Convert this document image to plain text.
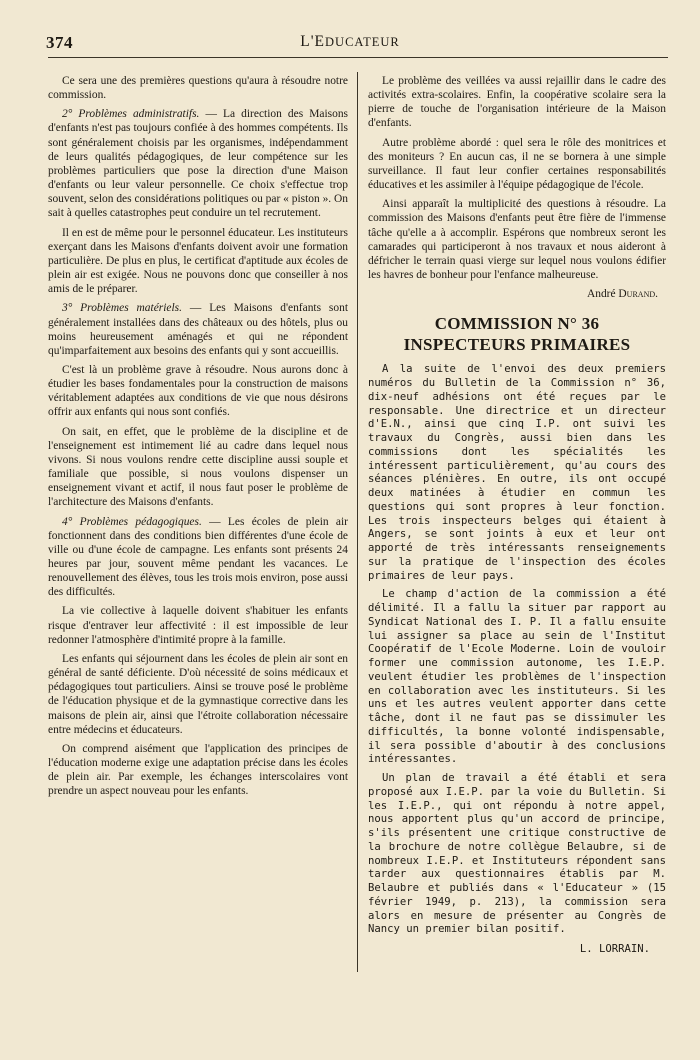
374	L'EDUCATEUR

Ce sera une des premières questions qu'aura à résoudre notre commission.

2° Problèmes administratifs. — La direction des Maisons d'enfants n'est pas toujours confiée à des hommes compétents. Ils sont généralement choisis par les organismes, indépendamment de leurs qualités pédagogiques, de leur compétence sur les problèmes particuliers que pose la direction d'une Maison d'enfants ou leur valeur personnelle. Ce choix s'effectue trop souvent, selon des considérations politiques ou par « piston ». On sait à quelles catastrophes peut conduire un tel recrutement.

Il en est de même pour le personnel éducateur. Les instituteurs exerçant dans les Maisons d'enfants doivent avoir une formation particulière. De plus en plus, le certificat d'aptitude aux écoles de plein air est exigée. Nous ne pouvons donc que conseiller à nos amis de le préparer.

3° Problèmes matériels. — Les Maisons d'enfants sont généralement installées dans des châteaux ou des hôtels, plus ou moins heureusement aménagés et qui ne répondent qu'imparfaitement aux besoins des enfants qui y sont accueillis.

C'est là un problème grave à résoudre. Nous aurons donc à étudier les bases fondamentales pour la construction de maisons véritablement adaptées aux conditions de vie que nous désirons offrir aux enfants qui nous sont confiés.

On sait, en effet, que le problème de la discipline et de l'enseignement est intimement lié au cadre dans lequel nous vivons. Si nous voulons rendre cette discipline aussi souple et familiale que possible, si nous voulons dispenser un enseignement vivant et actif, il nous faut poser le problème de l'architecture des Maisons d'enfants.

4° Problèmes pédagogiques. — Les écoles de plein air fonctionnent dans des conditions bien différentes d'une école de ville ou d'une école de campagne. Les enfants sont présents 24 heures par jour, souvent même pendant les vacances. Le renouvellement des élèves, tous les trois mois environ, pose aussi des difficultés.

La vie collective à laquelle doivent s'habituer les enfants risque d'entraver leur affectivité : il est impossible de leur redonner l'atmosphère d'intimité propre à la famille.

Les enfants qui séjournent dans les écoles de plein air sont en général de santé déficiente. D'où nécessité de soins médicaux et pédagogiques tout particuliers. Ainsi se trouve posé le problème de l'éducation physique et de la gymnastique corrective dans les maisons de plein air, ainsi que l'étroite collaboration nécessaire entre médecins et éducateurs.

On comprend aisément que l'application des principes de l'éducation moderne exige une adaptation précise dans les écoles de plein air. Par exemple, les échanges interscolaires vont prendre un aspect nouveau pour les enfants.

Le problème des veillées va aussi rejaillir dans le cadre des activités extra-scolaires. Enfin, la coopérative scolaire sera la pierre de touche de l'organisation intérieure de la Maison d'enfants.

Autre problème abordé : quel sera le rôle des monitrices et des moniteurs ? En aucun cas, il ne se bornera à une simple surveillance. Il faut leur confier certaines responsabilités éducatives et les assimiler à l'équipe pédagogique de l'école.

Ainsi apparaît la multiplicité des questions à résoudre. La commission des Maisons d'enfants peut être fière de l'immense tâche qu'elle a à accomplir. Espérons que nombreux seront les camarades qui participeront à nos travaux et nous aideront à défricher le terrain quasi vierge sur lequel nous voulons édifier les havres de bonheur pour l'enfance malheureuse.

André Durand.

COMMISSION N° 36
INSPECTEURS PRIMAIRES

A la suite de l'envoi des deux premiers numéros du Bulletin de la Commission n° 36, dix-neuf adhésions ont été reçues par le responsable. Une directrice et un directeur d'E.N., ainsi que cinq I.P. ont suivi les travaux du Congrès, aussi bien dans les commissions dont les spécialités les intéressent particulièrement, qu'au cours des séances plénières. En outre, ils ont occupé deux matinées à étudier en commun les questions qui sont propres à leur fonction. Les trois inspecteurs belges qui étaient à Angers, se sont joints à eux et leur ont apporté de très intéressants renseignements sur la pratique de l'inspection des écoles primaires de leur pays.

Le champ d'action de la commission a été délimité. Il a fallu la situer par rapport au Syndicat National des I. P. Il a fallu ensuite lui assigner sa place au sein de l'Institut Coopératif de l'Ecole Moderne. Loin de vouloir former une commission autonome, les I.E.P. veulent étudier les problèmes de l'inspection en collaboration avec les instituteurs. Si les uns et les autres veulent apporter dans cette tâche, dont il ne faut pas se dissimuler les difficultés, la bonne volonté indispensable, il sera possible d'aboutir à des conclusions intéressantes.

Un plan de travail a été établi et sera proposé aux I.E.P. par la voie du Bulletin. Si les I.E.P., qui ont répondu à notre appel, nous apportent plus qu'un accord de principe, s'ils présentent une critique constructive de la brochure de notre collègue Belaubre, si de nombreux I.E.P. et Instituteurs répondent sans tarder aux questionnaires établis par M. Belaubre et publiés dans « l'Educateur » (15 février 1949, p. 213), la commission sera alors en mesure de présenter au Congrès de Nancy un premier bilan positif.

L. LORRAIN.
